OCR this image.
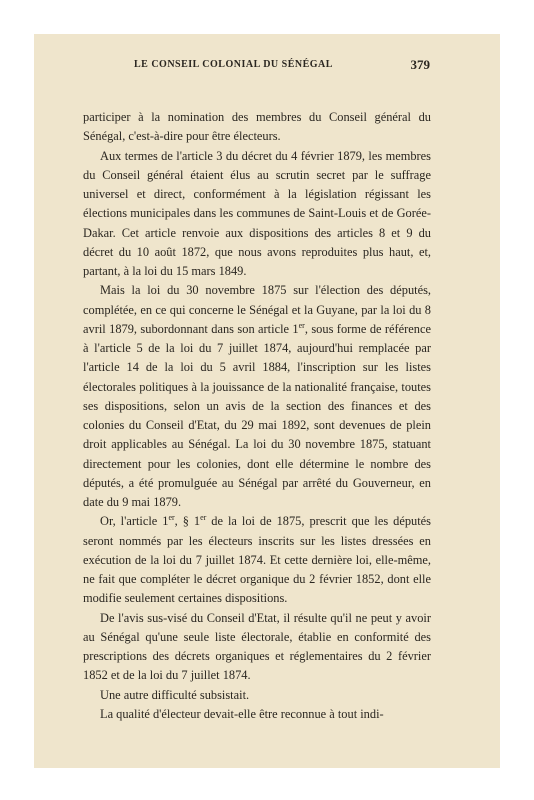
LE CONSEIL COLONIAL DU SÉNÉGAL	379

participer à la nomination des membres du Conseil général du Sénégal, c'est-à-dire pour être électeurs.

Aux termes de l'article 3 du décret du 4 février 1879, les membres du Conseil général étaient élus au scrutin secret par le suffrage universel et direct, conformément à la législation régissant les élections municipales dans les communes de Saint-Louis et de Gorée-Dakar. Cet article renvoie aux dispositions des articles 8 et 9 du décret du 10 août 1872, que nous avons reproduites plus haut, et, partant, à la loi du 15 mars 1849.

Mais la loi du 30 novembre 1875 sur l'élection des députés, complétée, en ce qui concerne le Sénégal et la Guyane, par la loi du 8 avril 1879, subordonnant dans son article 1er, sous forme de référence à l'article 5 de la loi du 7 juillet 1874, aujourd'hui remplacée par l'article 14 de la loi du 5 avril 1884, l'inscription sur les listes électorales politiques à la jouissance de la nationalité française, toutes ses dispositions, selon un avis de la section des finances et des colonies du Conseil d'Etat, du 29 mai 1892, sont devenues de plein droit applicables au Sénégal. La loi du 30 novembre 1875, statuant directement pour les colonies, dont elle détermine le nombre des députés, a été promulguée au Sénégal par arrêté du Gouverneur, en date du 9 mai 1879.

Or, l'article 1er, § 1er de la loi de 1875, prescrit que les députés seront nommés par les électeurs inscrits sur les listes dressées en exécution de la loi du 7 juillet 1874. Et cette dernière loi, elle-même, ne fait que compléter le décret organique du 2 février 1852, dont elle modifie seulement certaines dispositions.

De l'avis sus-visé du Conseil d'Etat, il résulte qu'il ne peut y avoir au Sénégal qu'une seule liste électorale, établie en conformité des prescriptions des décrets organiques et réglementaires du 2 février 1852 et de la loi du 7 juillet 1874.

Une autre difficulté subsistait.

La qualité d'électeur devait-elle être reconnue à tout indi-
